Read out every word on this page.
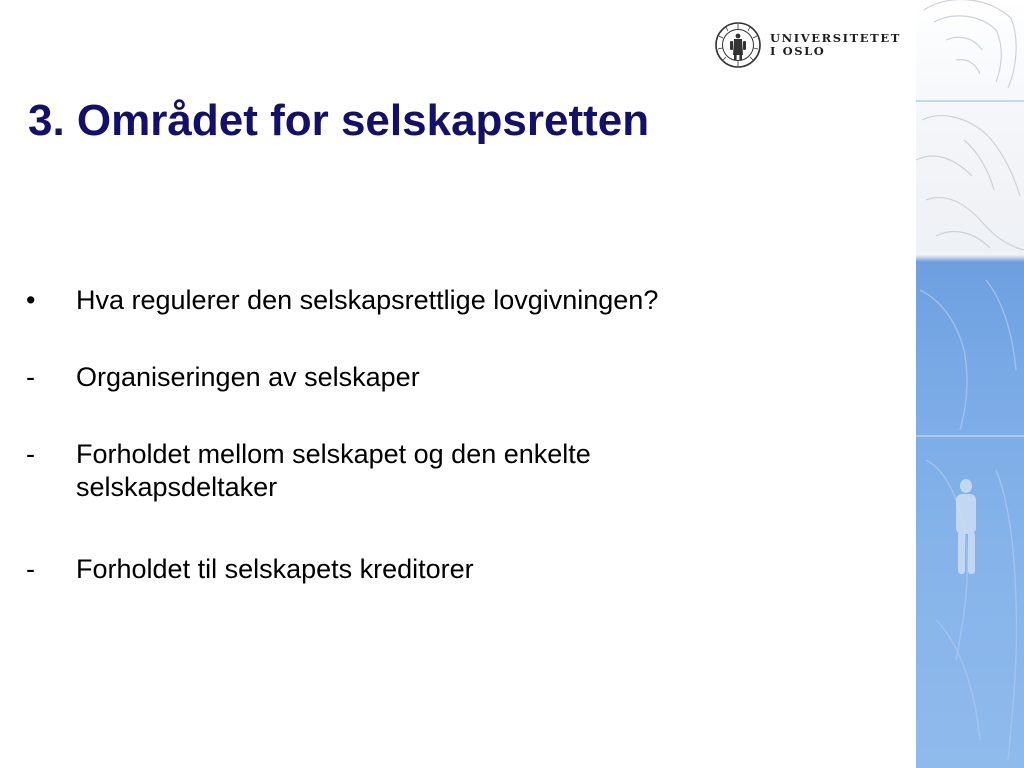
UNIVERSITETET
I OSLO
3. Området for selskapsretten
• Hva regulerer den selskapsrettlige lovgivningen?
- Organiseringen av selskaper
- Forholdet mellom selskapet og den enkelte selskapsdeltaker
- Forholdet til selskapets kreditorer
